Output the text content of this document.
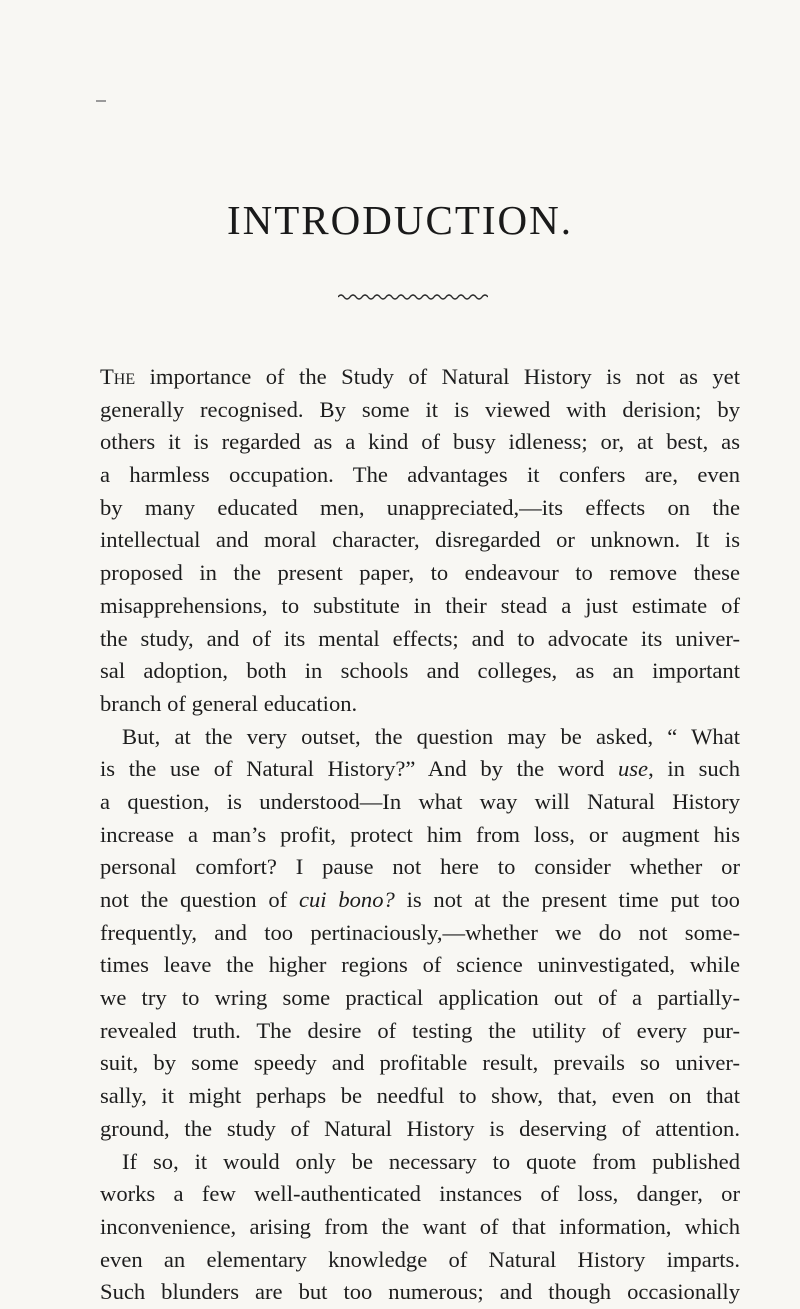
INTRODUCTION.
The importance of the Study of Natural History is not as yet
generally recognised. By some it is viewed with derision; by
others it is regarded as a kind of busy idleness; or, at best, as
a harmless occupation. The advantages it confers are, even
by many educated men, unappreciated,—its effects on the
intellectual and moral character, disregarded or unknown. It is
proposed in the present paper, to endeavour to remove these
misapprehensions, to substitute in their stead a just estimate of
the study, and of its mental effects; and to advocate its univer-
sal adoption, both in schools and colleges, as an important
branch of general education.
But, at the very outset, the question may be asked, “ What
is the use of Natural History?” And by the word use, in such
a question, is understood—In what way will Natural History
increase a man’s profit, protect him from loss, or augment his
personal comfort? I pause not here to consider whether or
not the question of cui bono? is not at the present time put too
frequently, and too pertinaciously,—whether we do not some-
times leave the higher regions of science uninvestigated, while
we try to wring some practical application out of a partially-
revealed truth. The desire of testing the utility of every pur-
suit, by some speedy and profitable result, prevails so univer-
sally, it might perhaps be needful to show, that, even on that
ground, the study of Natural History is deserving of attention.
If so, it would only be necessary to quote from published
works a few well-authenticated instances of loss, danger, or
inconvenience, arising from the want of that information, which
even an elementary knowledge of Natural History imparts.
Such blunders are but too numerous; and though occasionally
